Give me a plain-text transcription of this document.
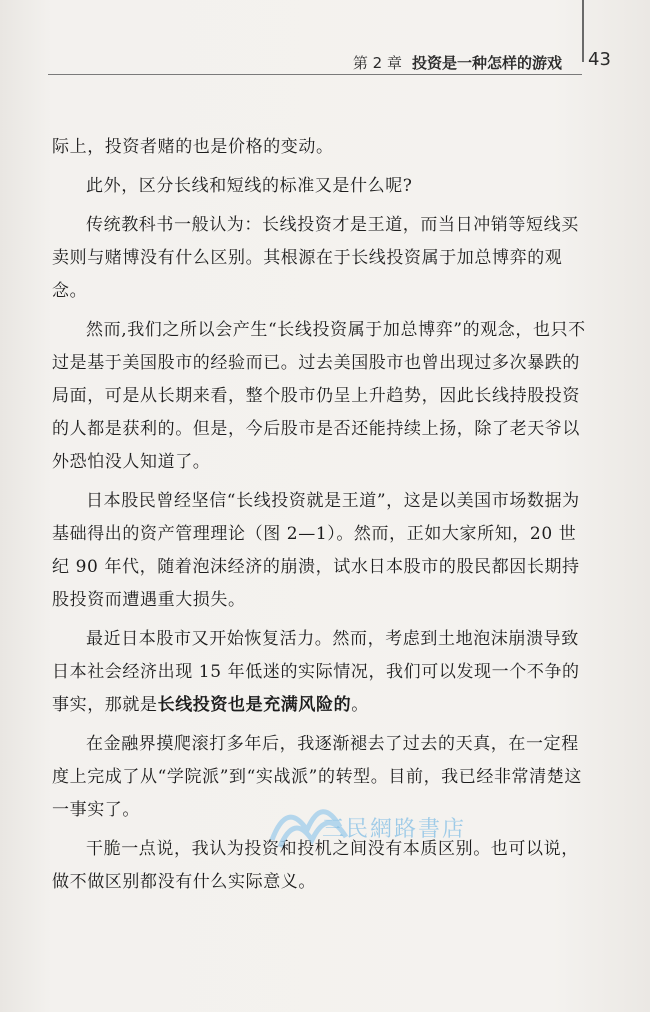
第 2 章 投资是一种怎样的游戏 43

际上，投资者赌的也是价格的变动。

此外，区分长线和短线的标准又是什么呢?

传统教科书一般认为：长线投资才是王道，而当日冲销等短线买卖则与赌博没有什么区别。其根源在于长线投资属于加总博弈的观念。

然而,我们之所以会产生“长线投资属于加总博弈”的观念，也只不过是基于美国股市的经验而已。过去美国股市也曾出现过多次暴跌的局面，可是从长期来看，整个股市仍呈上升趋势，因此长线持股投资的人都是获利的。但是，今后股市是否还能持续上扬，除了老天爷以外恐怕没人知道了。

日本股民曾经坚信“长线投资就是王道”，这是以美国市场数据为基础得出的资产管理理论（图 2—1）。然而，正如大家所知，20 世纪 90 年代，随着泡沫经济的崩溃，试水日本股市的股民都因长期持股投资而遭遇重大损失。

最近日本股市又开始恢复活力。然而，考虑到土地泡沫崩溃导致日本社会经济出现 15 年低迷的实际情况，我们可以发现一个不争的事实，那就是长线投资也是充满风险的。

在金融界摸爬滚打多年后，我逐渐褪去了过去的天真，在一定程度上完成了从“学院派”到“实战派”的转型。目前，我已经非常清楚这一事实了。

干脆一点说，我认为投资和投机之间没有本质区别。也可以说，做不做区别都没有什么实际意义。

三民網路書店
